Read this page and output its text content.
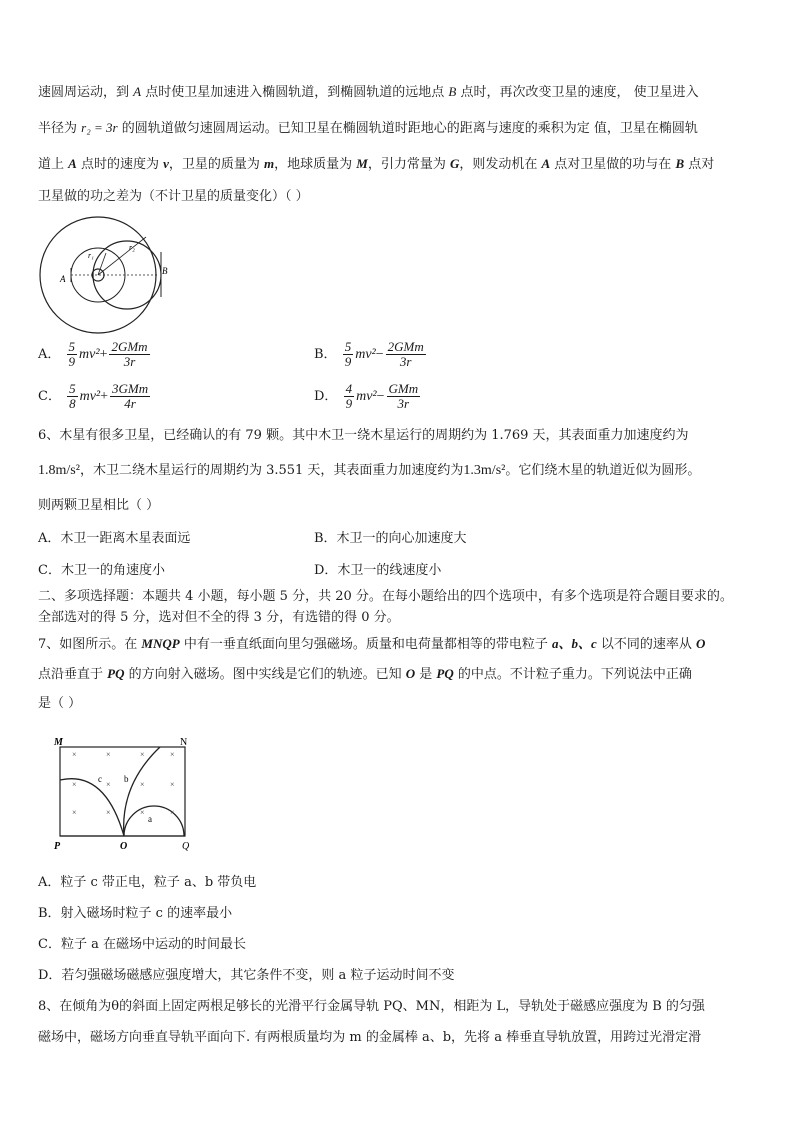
速圆周运动，到 A 点时使卫星加速进入椭圆轨道，到椭圆轨道的远地点 B 点时，再次改变卫星的速度， 使卫星进入
半径为 r₂ = 3r 的圆轨道做匀速圆周运动。已知卫星在椭圆轨道时距地心的距离与速度的乘积为定 值，卫星在椭圆轨
道上 A 点时的速度为 v，卫星的质量为 m，地球质量为 M，引力常量为 G，则发动机在 A 点对卫星做的功与在 B 点对
卫星做的功之差为（不计卫星的质量变化）（ ）
r₁
r₂
A
B
A． $\frac{5}{9} mv^2+ \frac{\text{2GMm}}{3r}$	B． $\frac{5}{9} mv^2- \frac{\text{2GMm}}{3r}$
C． $\frac{5}{8} mv^2+ \frac{\text{3GMm}}{4r}$	D． $\frac{4}{9} mv^2- \frac{\text{GMm}}{3r}$
6、木星有很多卫星，已经确认的有 79 颗。其中木卫一绕木星运行的周期约为 1.769 天，其表面重力加速度约为
1.8m/s²，木卫二绕木星运行的周期约为 3.551 天，其表面重力加速度约为1.3m/s²。它们绕木星的轨道近似为圆形。
则两颗卫星相比（ ）
A．木卫一距离木星表面远	B．木卫一的向心加速度大
C．木卫一的角速度小	D．木卫一的线速度小
二、多项选择题：本题共 4 小题，每小题 5 分，共 20 分。在每小题给出的四个选项中，有多个选项是符合题目要求的。
全部选对的得 5 分，选对但不全的得 3 分，有选错的得 0 分。
7、如图所示。在 MNQP 中有一垂直纸面向里匀强磁场。质量和电荷量都相等的带电粒子 a、b、c 以不同的速率从 O
点沿垂直于 PQ 的方向射入磁场。图中实线是它们的轨迹。已知 O 是 PQ 的中点。不计粒子重力。下列说法中正确
是（ ）
×	×	×	×
×	×	×
×	×	×
×
×
M	N
P	O	Q
a
b
c
A．粒子 c 带正电，粒子 a、b 带负电
B．射入磁场时粒子 c 的速率最小
C．粒子 a 在磁场中运动的时间最长
D．若匀强磁场磁感应强度增大，其它条件不变，则 a 粒子运动时间不变
8、在倾角为θ的斜面上固定两根足够长的光滑平行金属导轨 PQ、MN，相距为 L，导轨处于磁感应强度为 B 的匀强
磁场中，磁场方向垂直导轨平面向下. 有两根质量均为 m 的金属棒 a、b，先将 a 棒垂直导轨放置，用跨过光滑定滑
